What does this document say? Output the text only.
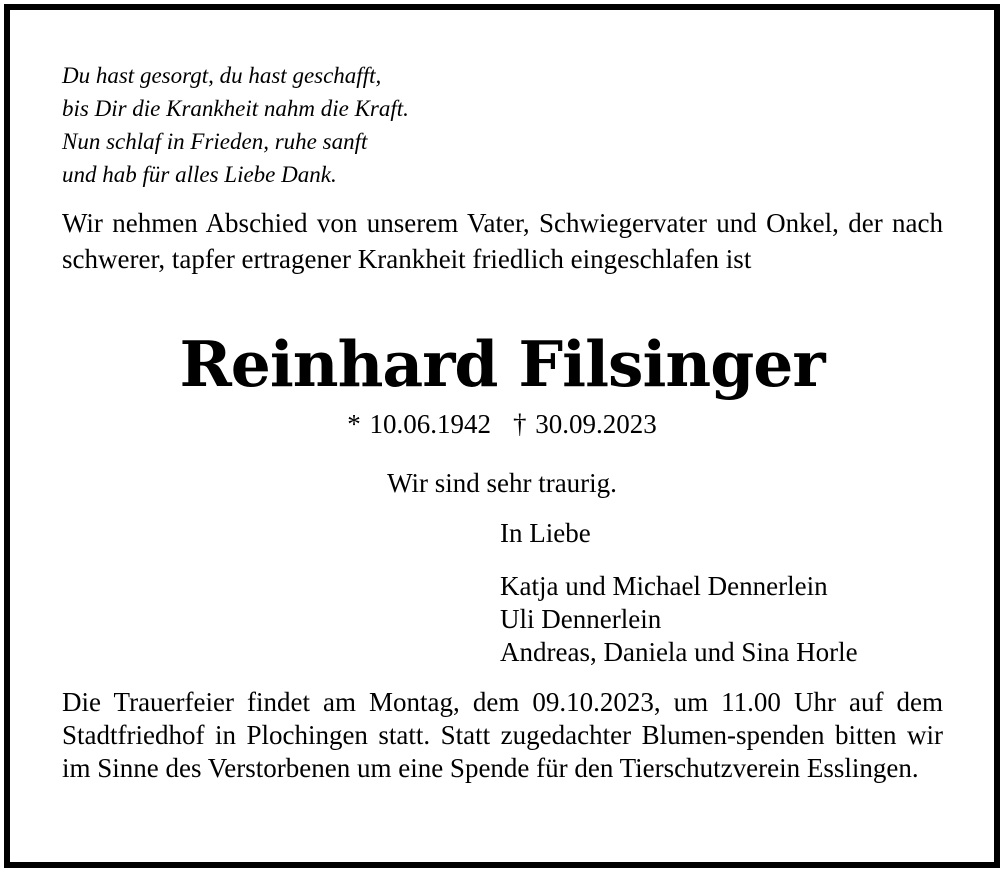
Du hast gesorgt, du hast geschafft,
bis Dir die Krankheit nahm die Kraft.
Nun schlaf in Frieden, ruhe sanft
und hab für alles Liebe Dank.
Wir nehmen Abschied von unserem Vater, Schwiegervater und Onkel, der nach schwerer, tapfer ertragener Krankheit friedlich eingeschlafen ist
Reinhard Filsinger
* 10.06.1942 † 30.09.2023
Wir sind sehr traurig.
In Liebe
Katja und Michael Dennerlein
Uli Dennerlein
Andreas, Daniela und Sina Horle
Die Trauerfeier findet am Montag, dem 09.10.2023, um 11.00 Uhr auf dem Stadtfriedhof in Plochingen statt. Statt zugedachter Blumen-spenden bitten wir im Sinne des Verstorbenen um eine Spende für den Tierschutzverein Esslingen.
